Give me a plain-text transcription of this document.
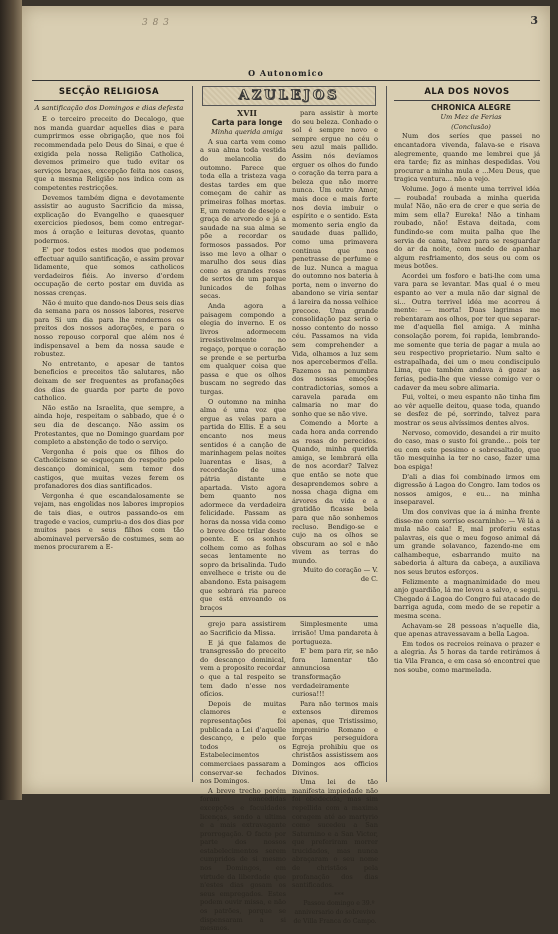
3 8 3	3
O Autonomico
SECÇÃO RELIGIOSA
A santificação dos Domingos e dias defesta

E o terceiro preceito do Decalogo, que nos manda guardar aquelles dias e para cumprirmos esse obrigação, que nos foi recommendada pelo Deus do Sinai, e que é exigida pela nossa Religião Catholica, devemos primeiro que tudo evitar os serviços braçaes, excepção feita nos casos, que a mesma Religião nos indica com as competentes restricções.

Devemos também digna e devotamente assistir ao augusto Sacrificio da missa, explicação do Evangelho e quaesquer exercicios piedosos, bem como entregar-mos á oração e leituras devotas, quanto podermos.

E' por todos estes modos que podemos effectuar aquilo santificação, e assim provar lidamente, que somos catholicos verdadeiros fiéis. Ao inverso d'ordem occupação de certo postar em duvida as nossas crenças.

Não é muito que dando-nos Deus seis dias da semana para os nossos labores, reserve para Si um dia para lhe rendermos os preitos dos nossos adorações, e para o nosso repouso corporal que além nos é indispensavel a bem da nossa saude e robustez.

No entretanto, e apesar de tantos beneficios e preceitos tão salutares, não deixam de ser frequentes as profanações dos dias de guarda por parte de povo catholico.

Não estão na Israelita, que sempre, a ainda hoje, respeitam o sabbado, que é o seu dia de descanço. Não assim os Protestantes, que no Domingo guardam por completo a abstenção de todo o serviço.

Vergonha é pois que os filhos do Catholicismo se esqueçam do respeito pelo descanço dominical, sem temor dos castigos, que muitas vezes ferem os profanadores dos dias santificados.

Vergonha é que escandalosamente se vejam, nas engolidas nos labores impropios de tais dias, e outros passando-os em tragede e vacios, cumpriu-a dos dos dias por muitos paes e seus filhos com tão abominavel perversão de costumes, sem ao menos procurarem a E-

AZULEJOS

XVII

Carta para longe

Minha querida amiga

A sua carta vem como a sua alma toda vestida do melancolia do outomno. Parece que toda ella a tristeza vaga destas tardes em que começam de cahir as primeiras folhas mortas. E, um remate de desejo e graça de arvoredo e já a saudade na sua alma se põe a recordar os formosos passados. Por isso me levo a olhar o marulho dos seus dias como as grandes rosas de sertos de um parque lunicados de folhas secas.

Anda agora a paisagem compondo a elegia do inverno. E os livros adormecem irresistivelmente no regaço, porque o coração se prende e se perturba em qualquer coisa que passa e que os olhos buscam no segredo das turgas.

O outomno na minha alma é uma voz que ergue as velas para a partida do Ellis. E a seu encanto nos meus sentidos é a canção de marinhagem pelas noites luarentas e lisas, a recordação de uma pátria distante e apartada. Visto agora bem quanto nos adormece da verdadeira felicidade. Passam as horas da nossa vida como o breve doce trilar deste poente. E os sonhos colhem como as folhas secas lentamente no sopro da brisalinda. Tudo envelhece e triste ou de abandono. Esta paisagem que sobrará ria parece que está envoando os braços

para assistir à morte do seu beleza. Conhado o sol é sempre novo e sempre ergue no céu o seu azul mais pallido. Assim nós devíamos erguer os olhos do fundo o coração da terra para a beleza que não morre nunca. Um outro Amor, mais doce e mais forte nos devia imbuir o espírito e o sentido. Esta momento seria englo da saudade duas pallido, como uma primavera continua que nos penetrasse de perfume e de luz. Nunca a magua do outomno nos bateria à porta, nem o inverno do abandono se viria sentar á lareira da nossa velhice precoce. Uma grande consolidação paz seria o nosso contento do nosso céu. Passamos na vida sem comprehender a Vida, olhamos a luz sem nos apercebermos d'ella. Fazemos na penumbra dos nossas emoções contradictorias, somos a caravela parada em calmaria no mar do sonho que se não vive.

Comendo a Morte a cada hora anda correndo as rosas do perecidos. Quando, minha querida amiga, se lembrará ella de nos acordar? Talvez que então se note que desaprendemos sobre a nossa chaga digna em árvores da vida e a gratidão ficasse bela para que não sonhemos recluso. Bendigo-se e cujo na os olhos se obscuram ao sol e não vivem as terras do mundo.

Muito do coração — V. de C.

grejo para assistirem ao Sacrificio da Missa.

E já que falamos de transgressão do preceito do descanço dominical, vem a proposito recordar o que a tal respeito se tem dado n'esse nos ofícios.

Depois de muitas clamores e representações foi publicada a Lei d'aquelle descanço, e pelo que todos os Estabelecimentos commerciaes passaram a conservar-se fechados nos Domingos.

A breve trecho porém foram concedidas excepções e faculdades licenças, sendo a ultima e a mais extravagante prorrogação. O facto por parte dos nossos estabelecimentos serem cumpridos de si mesmo nos Domingos, em virtude da liberdade que n'estes dias gosam os seus empregados. Estes podem ouvir missa, e não os patrões, porque se dispensaram a si mesmos.

Simplesmente uma irrisão! Uma pandareta à portugueza.

E' bem para rir, se não fora lamentar tão annunciosa transformação verdadeiramente curiosa!!!

Para não termos mais extensos diremos apenas, que Tristissimo, impromirio Romano e forças perseguidora Egreja prohibiu que os christãos assistissem aos Domingos aos officios Divinos.

Uma lei de tão manifesta impiedade não foi obedecida, mas sim repellida com a maxima coragem até ao martyrio como sucedeu a San Saturnino e a San Victor, que preferiram morrer trucidados, mas nunca abraçaram o seu nome de christãos pela profanação dos dias santificados.

***

Passou domingo e 39.º anniversario do sobrevivo de Villa Franca do Campo.

ALA DOS NOVOS

CHRONICA ALEGRE

Um Mez de Ferias

(Conclusão)

Num dos seríes que passei no encantadora vivenda, falava-se e risava alegremente, quando me lembrei que já era tarde; fiz as minhas despedidas. Vou procurar a minha mula e ...Meu Deus, que tragica ventura... não a vejo.

Volume. Jogo á mente uma terrivel idéa — roubada! roubada a minha querida mula! Não, não era de crer e que seria de mim sem ella? Eureka! Não a tinham roubado, não! Estava deitada, com fundindo-se com muita palha que lhe servia de cama, talvez para se resguardar do ar da noite, com medo de apanhar algum resfriamento, dos seus ou com os meus botões.

Acordei um fosforo e bati-lhe com uma vara para se levantar. Mas qual é o meu espanto ao ver a mula não dar signal de si... Outra terrivel idéa me acorreu á mente: — morta! Duas lagrimas me rebentaram aos olhos, por ter que separar-me d'aquella fiel amiga. A minha consolação porem, foi rapida, lembrando-me somente que teria de pagar a mula ao seu respectivo proprietario. Num salto e estrapalhada, dei um o meu condiscipulo Lima, que também andava á gozar as ferias, pedia-lhe que viesse comigo ver o cadaver da meu sobre alimaria.

Fui, voltei, o meu espanto não tinha fim ao vêr aquelle deitou, quase toda, quando se desfez de pé, sorrindo, talvez para mostrar os seus alvíssimos dentes alvos.

Nervoso, comovido, desandei a rir muito do caso, mas o susto foi grande... pois ter eu com este pessimo e sobresaltado, que tão mesquinha ia ter no caso, fazer uma boa espiga!

D'ali a dias foi combinado irmos em digressão á Lagoa do Congro. Iam todos os nossos amigos, e eu... na minha inseparavel.

Um dos convivas que ia á minha frente disse-me com sorriso escarninho: — Vê lá a mula não caia! E, mal proferiu estas palavras, eis que o meu fogoso animal dá um grande solavanco, fazendo-me em calhambeque, esbarrando muito na sabedoria á altura da cabeça, a auxiliava nos seus brutos esforços.

Felizmente a magnanimidade do meu anjo guardião, lá me levou a salvo, e segui. Chegado á Lagoa do Congro fui atacado de barriga aguda, com medo de se repetir a mesma scena.

Achavam-se 28 pessoas n'aquelle dia, que apenas atravessavam a bella Lagoa.

Em todos os recreios reinava o prazer e a alegria. Ás 5 horas da tarde retirámos á tia Vila Franca, e em casa só encontrei que nos soube, como marmelada.
